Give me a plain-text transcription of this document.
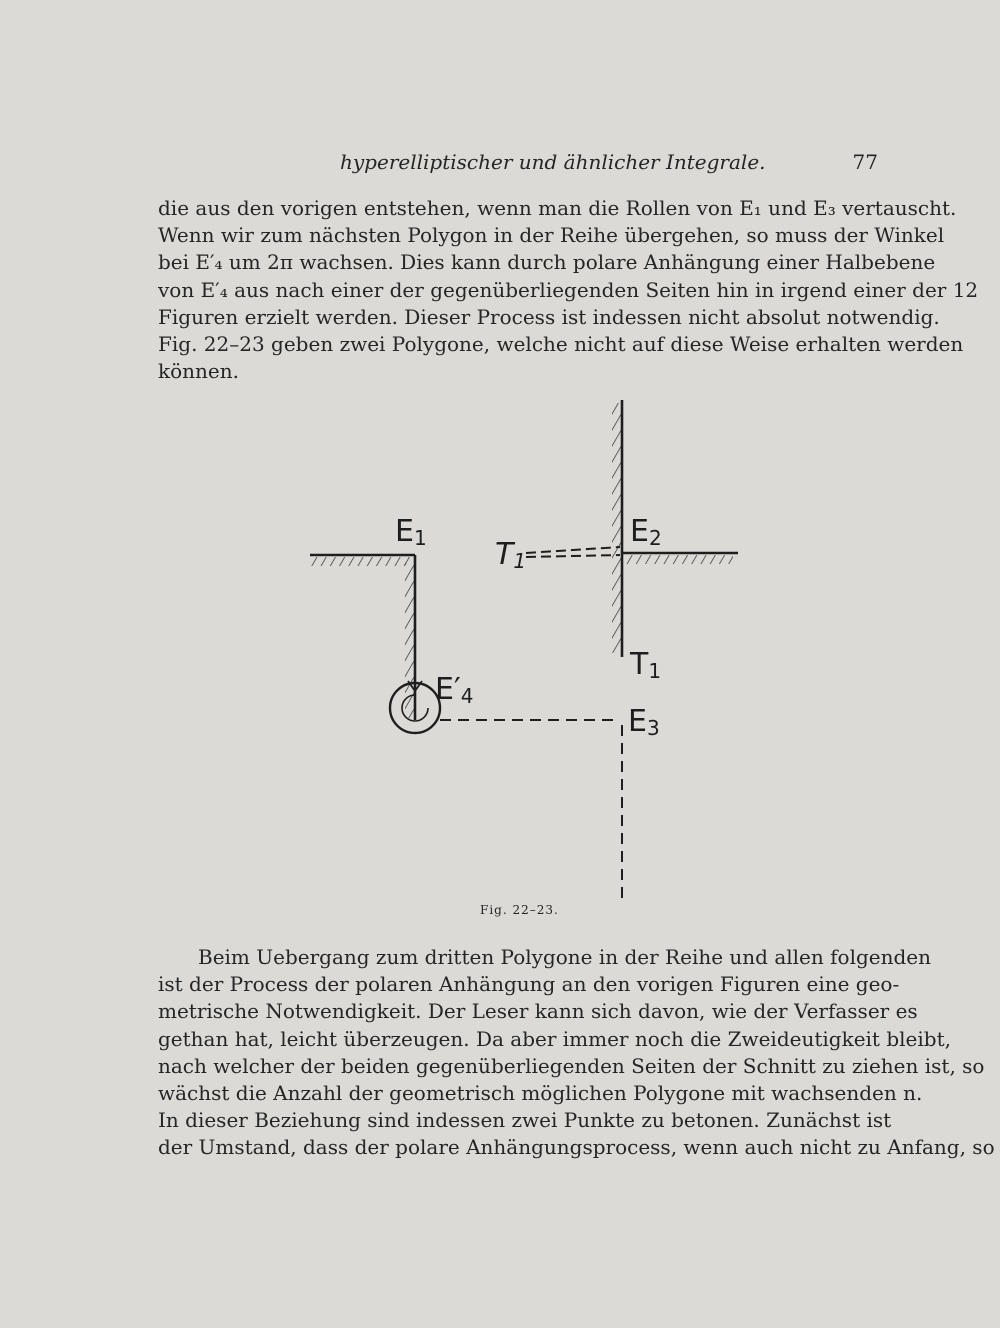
hyperelliptischer und ähnlicher Integrale.	77
die aus den vorigen entstehen, wenn man die Rollen von E₁ und E₃ vertauscht.
Wenn wir zum nächsten Polygon in der Reihe übergehen, so muss der Winkel
bei E′₄ um 2π wachsen. Dies kann durch polare Anhängung einer Halbebene
von E′₄ aus nach einer der gegenüberliegenden Seiten hin in irgend einer der 12
Figuren erzielt werden. Dieser Process ist indessen nicht absolut notwendig.
Fig. 22–23 geben zwei Polygone, welche nicht auf diese Weise erhalten werden
können.
$E_1$	$E_2$
$T_1$
$T_1$
$E'_4$
$E_3$
Fig. 22–23.
Beim Uebergang zum dritten Polygone in der Reihe und allen folgenden
ist der Process der polaren Anhängung an den vorigen Figuren eine geo-
metrische Notwendigkeit. Der Leser kann sich davon, wie der Verfasser es
gethan hat, leicht überzeugen. Da aber immer noch die Zweideutigkeit bleibt,
nach welcher der beiden gegenüberliegenden Seiten der Schnitt zu ziehen ist, so
wächst die Anzahl der geometrisch möglichen Polygone mit wachsenden n.
In dieser Beziehung sind indessen zwei Punkte zu betonen. Zunächst ist
der Umstand, dass der polare Anhängungsprocess, wenn auch nicht zu Anfang, so
